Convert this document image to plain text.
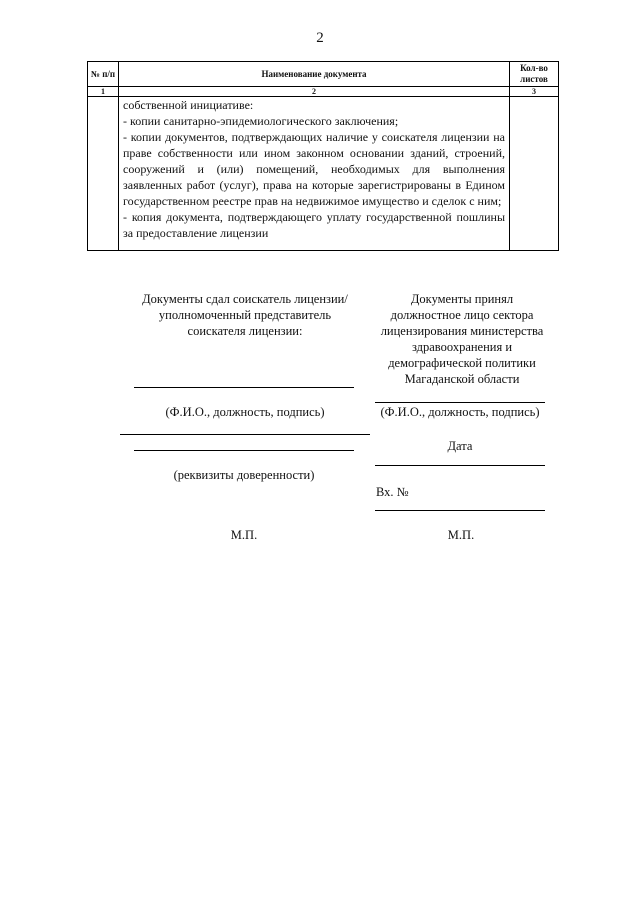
2
№ п/п	Наименование документа	Кол-во листов
1	2	3

	собственной инициативе:

- копии санитарно-эпидемиологического заключения;

- копии документов, подтверждающих наличие у соискателя лицензии на праве собственности или ином законном основании зданий, строений, сооружений и (или) помещений, необходимых для выполнения заявленных работ (услуг), права на которые зарегистрированы в Едином государственном реестре прав на недвижимое имущество и сделок с ним;

- копия документа, подтверждающего уплату государственной пошлины за предоставление лицензии	

Документы сдал соискатель лицензии/уполномоченный представитель соискателя лицензии:
(Ф.И.О., должность, подпись)
(реквизиты доверенности)
М.П.
Документы принял должностное лицо сектора лицензирования министерства здравоохранения и демографической политики Магаданской области
(Ф.И.О., должность, подпись)
Дата
Вх. №
М.П.
